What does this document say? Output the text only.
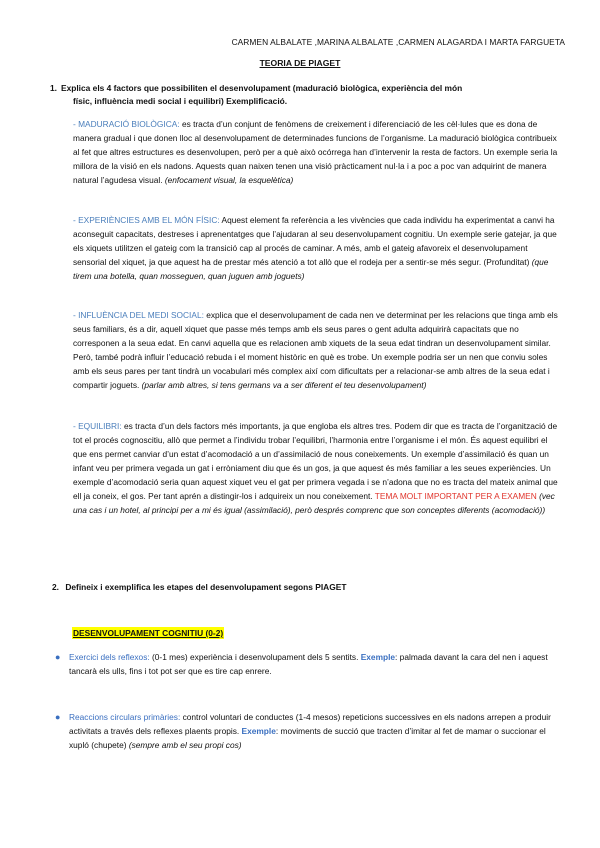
CARMEN ALBALATE ,MARINA ALBALATE ,CARMEN ALAGARDA I MARTA FARGUETA
TEORIA DE PIAGET
1. Explica els 4 factors que possibiliten el desenvolupament (maduració biològica, experiència del món
físic, influència medi social i equilibri) Exemplificació.
- MADURACIÓ BIOLÒGICA: es tracta d’un conjunt de fenòmens de creixement i diferenciació de les cèl·lules que es dona de manera gradual i que donen lloc al desenvolupament de determinades funcions de l’organisme. La maduració biològica contribueix al fet que altres estructures es desenvolupen, però per a què això ocórrega han d’intervenir la resta de factors. Un exemple seria la millora de la visió en els nadons. Aquests quan naixen tenen una visió pràcticament nul·la i a poc a poc van adquirint de manera natural l’agudesa visual. (enfocament visual, la esquelètica)
- EXPERIÈNCIES AMB EL MÓN FÍSIC: Aquest element fa referència a les vivències que cada individu ha experimentat a canvi ha aconseguit capacitats, destreses i aprenentatges que l’ajudaran al seu desenvolupament cognitiu. Un exemple serie gatejar, ja que els xiquets utilitzen el gateig com la transició cap al procés de caminar. A més, amb el gateig afavoreix el desenvolupament sensorial del xiquet, ja que aquest ha de prestar més atenció a tot allò que el rodeja per a sentir-se més segur. (Profunditat) (que tirem una botella, quan mosseguen, quan juguen amb joguets)
- INFLUÈNCIA DEL MEDI SOCIAL: explica que el desenvolupament de cada nen ve determinat per les relacions que tinga amb els seus familiars, és a dir, aquell xiquet que passe més temps amb els seus pares o gent adulta adquirirà capacitats que no corresponen a la seua edat. En canvi aquella que es relacionen amb xiquets de la seua edat tindran un desenvolupament similar. Però, també podrà influir l’educació rebuda i el moment històric en què es trobe. Un exemple podria ser un nen que conviu soles amb els seus pares per tant tindrà un vocabulari més complex així com dificultats per a relacionar-se amb altres de la seua edat i compartir joguets. (parlar amb altres, si tens germans va a ser diferent el teu desenvolupament)
- EQUILIBRI: es tracta d’un dels factors més importants, ja que engloba els altres tres. Podem dir que es tracta de l’organització de tot el procés cognoscitiu, allò que permet a l’individu trobar l’equilibri, l’harmonia entre l’organisme i el món. És aquest equilibri el que ens permet canviar d’un estat d’acomodació a un d’assimilació de nous coneixements. Un exemple d’assimilació és quan un infant veu per primera vegada un gat i erròniament diu que és un gos, ja que aquest és més familiar a les seues experiències. Un exemple d’acomodació seria quan aquest xiquet veu el gat per primera vegada i se n’adona que no es tracta del mateix animal que ell ja coneix, el gos. Per tant aprén a distingir-los i adquireix un nou coneixement. TEMA MOLT IMPORTANT PER A EXAMEN (vec una cas i un hotel, al principi per a mi és igual (assimilació), però després comprenc que son conceptes diferents (acomodació))
2. Defineix i exemplifica les etapes del desenvolupament segons PIAGET
DESENVOLUPAMENT COGNITIU (0-2)
●	Exercici dels reflexos: (0-1 mes) experiència i desenvolupament dels 5 sentits. Exemple: palmada davant la cara del nen i aquest tancarà els ulls, fins i tot pot ser que es tire cap enrere.
●	Reaccions circulars primàries: control voluntari de conductes (1-4 mesos) repeticions successives en els nadons arrepen a produir activitats a través dels reflexes plaents propis. Exemple: moviments de succió que tracten d’imitar al fet de mamar o succionar el xupló (chupete) (sempre amb el seu propi cos)
